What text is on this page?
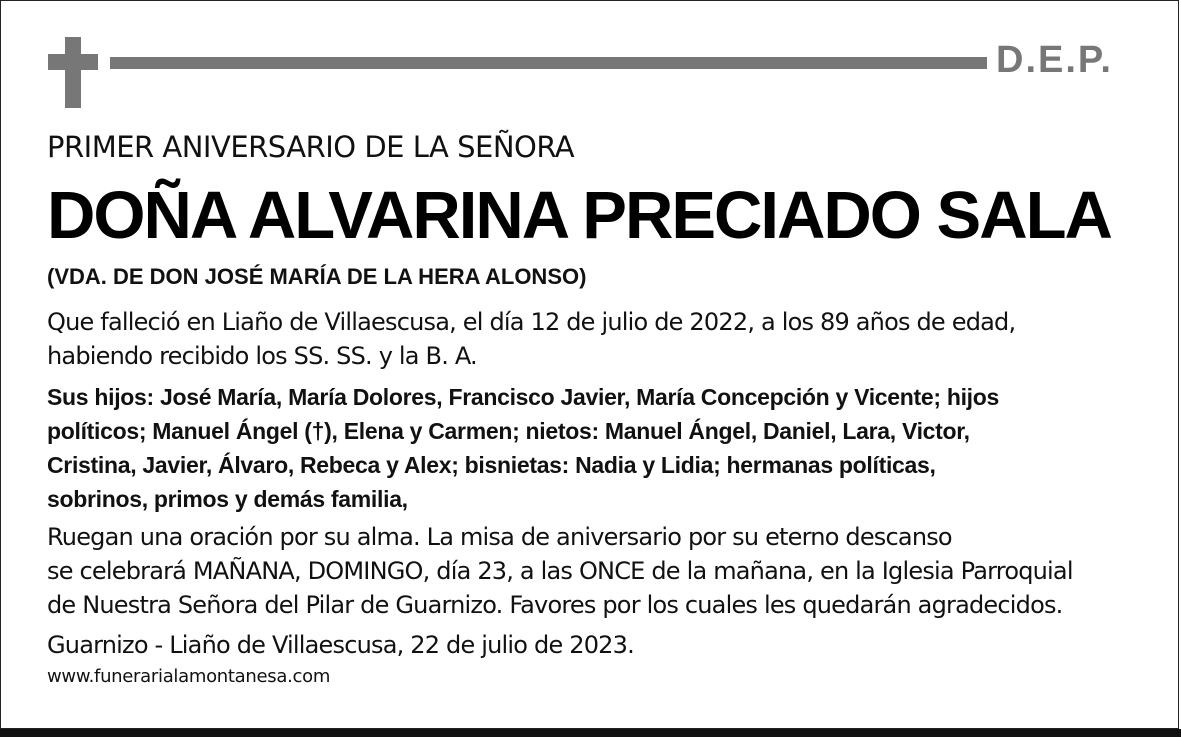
D.E.P.

PRIMER ANIVERSARIO DE LA SEÑORA

DOÑA ALVARINA PRECIADO SALA

(VDA. DE DON JOSÉ MARÍA DE LA HERA ALONSO)

Que falleció en Liaño de Villaescusa, el día 12 de julio de 2022, a los 89 años de edad,
habiendo recibido los SS. SS. y la B. A.
Sus hijos: José María, María Dolores, Francisco Javier, María Concepción y Vicente; hijos
políticos; Manuel Ángel (†), Elena y Carmen; nietos: Manuel Ángel, Daniel, Lara, Victor,
Cristina, Javier, Álvaro, Rebeca y Alex; bisnietas: Nadia y Lidia; hermanas políticas,
sobrinos, primos y demás familia,
Ruegan una oración por su alma. La misa de aniversario por su eterno descanso
se celebrará MAÑANA, DOMINGO, día 23, a las ONCE de la mañana, en la Iglesia Parroquial
de Nuestra Señora del Pilar de Guarnizo. Favores por los cuales les quedarán agradecidos.

Guarnizo - Liaño de Villaescusa, 22 de julio de 2023.

www.funerarialamontanesa.com
